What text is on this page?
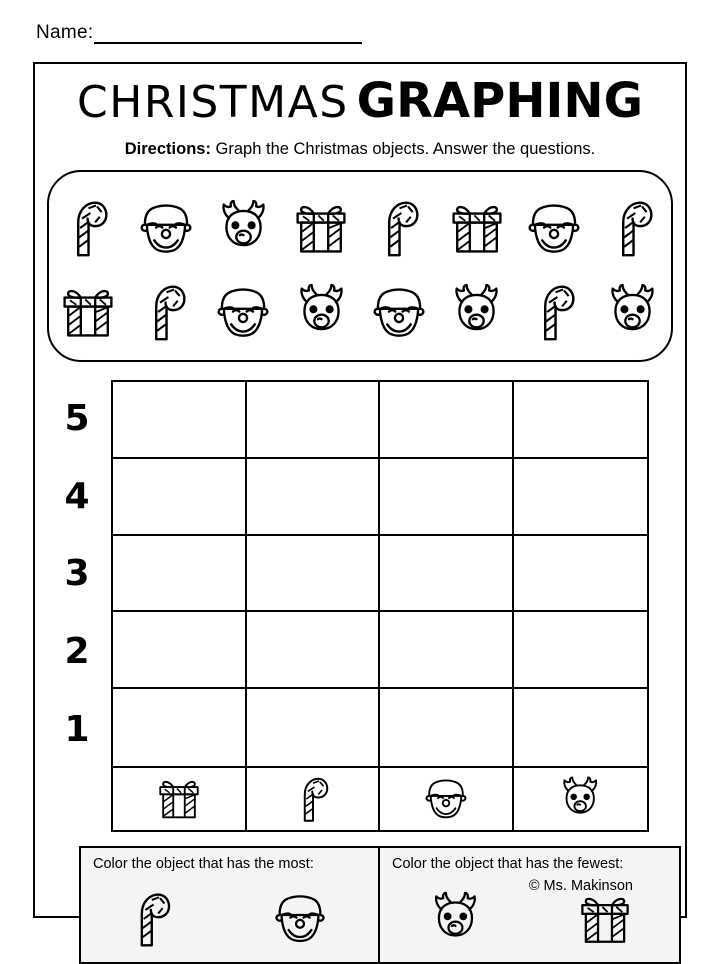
Name:
CHRISTMAS GRAPHING
Directions: Graph the Christmas objects. Answer the questions.
5
4
3
2
1
Color the object that has the most:	Color the object that has the fewest:
© Ms. Makinson
